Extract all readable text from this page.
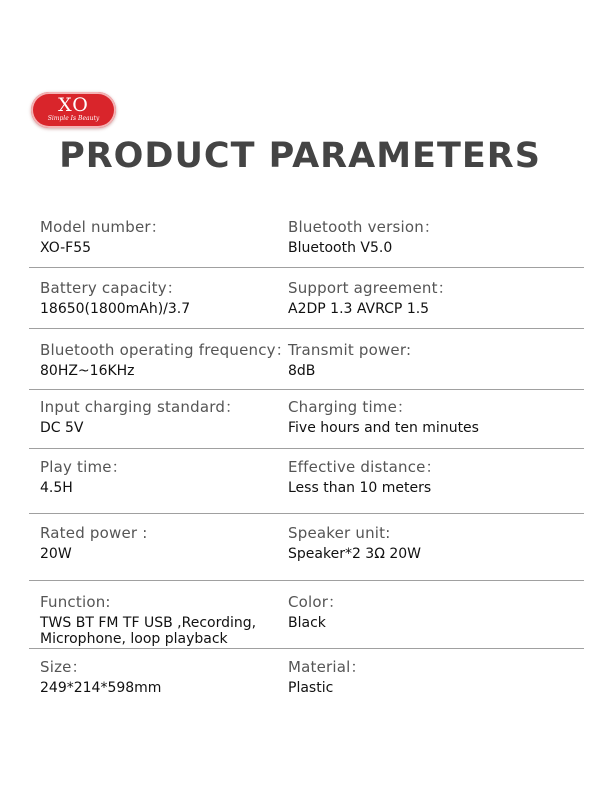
XO
Simple Is Beauty
PRODUCT PARAMETERS
Model number：
XO-F55
Bluetooth version：
Bluetooth V5.0
Battery capacity：
18650(1800mAh)/3.7
Support agreement：
A2DP 1.3 AVRCP 1.5
Bluetooth operating frequency：
80HZ~16KHz
Transmit power:
8dB
Input charging standard：
DC 5V
Charging time：
Five hours and ten minutes
Play time：
4.5H
Effective distance：
Less than 10 meters
Rated power :
20W
Speaker unit:
Speaker*2 3Ω 20W
Function:
TWS BT FM TF USB ,Recording, Microphone, loop playback
Color：
Black
Size：
249*214*598mm
Material：
Plastic
